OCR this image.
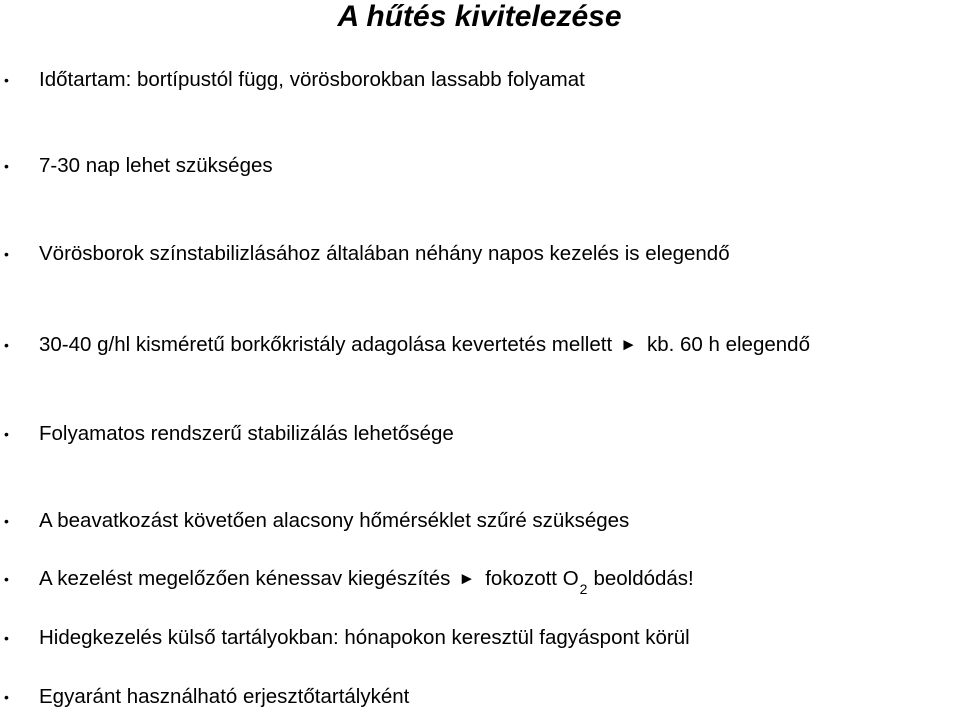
A hűtés kivitelezése
• Időtartam: bortípustól függ, vörösborokban lassabb folyamat
• 7-30 nap lehet szükséges
• Vörösborok színstabilizlásához általában néhány napos kezelés is elegendő
• 30-40 g/hl kisméretű borkőkristály adagolása kevertetés mellett ► kb. 60 h elegendő
• Folyamatos rendszerű stabilizálás lehetősége
• A beavatkozást követően alacsony hőmérséklet szűré szükséges
• A kezelést megelőzően kénessav kiegészítés ► fokozott $O_2$ beoldódás!
• Hidegkezelés külső tartályokban: hónapokon keresztül fagyáspont körül
• Egyaránt használható erjesztőtartályként
